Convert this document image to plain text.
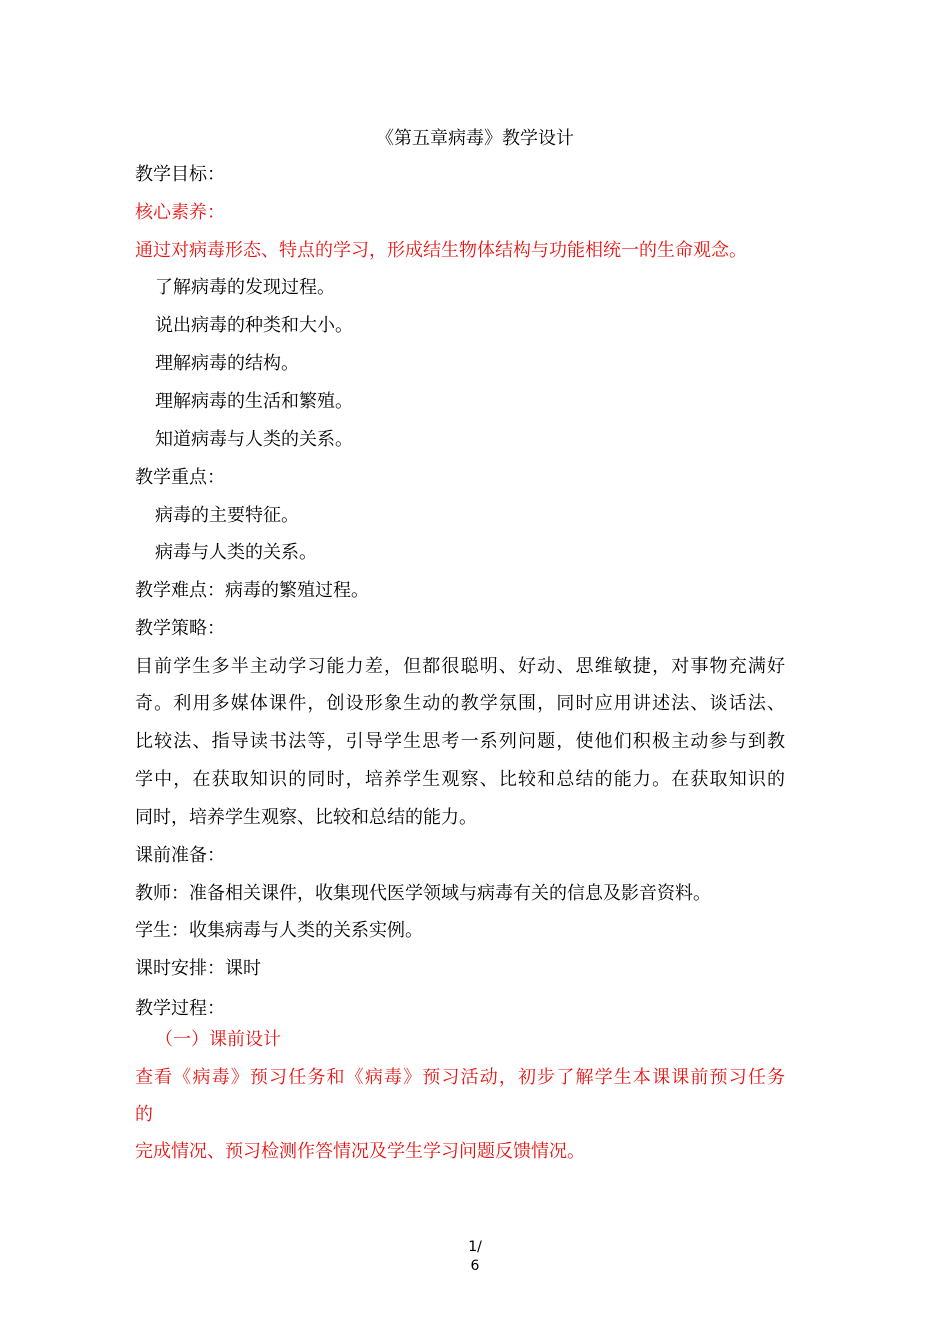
《第五章病毒》教学设计
教学目标：
核心素养：
通过对病毒形态、特点的学习，形成结生物体结构与功能相统一的生命观念。
了解病毒的发现过程。
说出病毒的种类和大小。
理解病毒的结构。
理解病毒的生活和繁殖。
知道病毒与人类的关系。
教学重点：
病毒的主要特征。
病毒与人类的关系。
教学难点：病毒的繁殖过程。
教学策略：
目前学生多半主动学习能力差，但都很聪明、好动、思维敏捷，对事物充满好
奇。利用多媒体课件，创设形象生动的教学氛围，同时应用讲述法、谈话法、
比较法、指导读书法等，引导学生思考一系列问题，使他们积极主动参与到教
学中，在获取知识的同时，培养学生观察、比较和总结的能力。在获取知识的
同时，培养学生观察、比较和总结的能力。
课前准备：
教师：准备相关课件，收集现代医学领域与病毒有关的信息及影音资料。
学生：收集病毒与人类的关系实例。
课时安排：课时
教学过程：
（一）课前设计
查看《病毒》预习任务和《病毒》预习活动，初步了解学生本课课前预习任务
的
完成情况、预习检测作答情况及学生学习问题反馈情况。
1/
6
